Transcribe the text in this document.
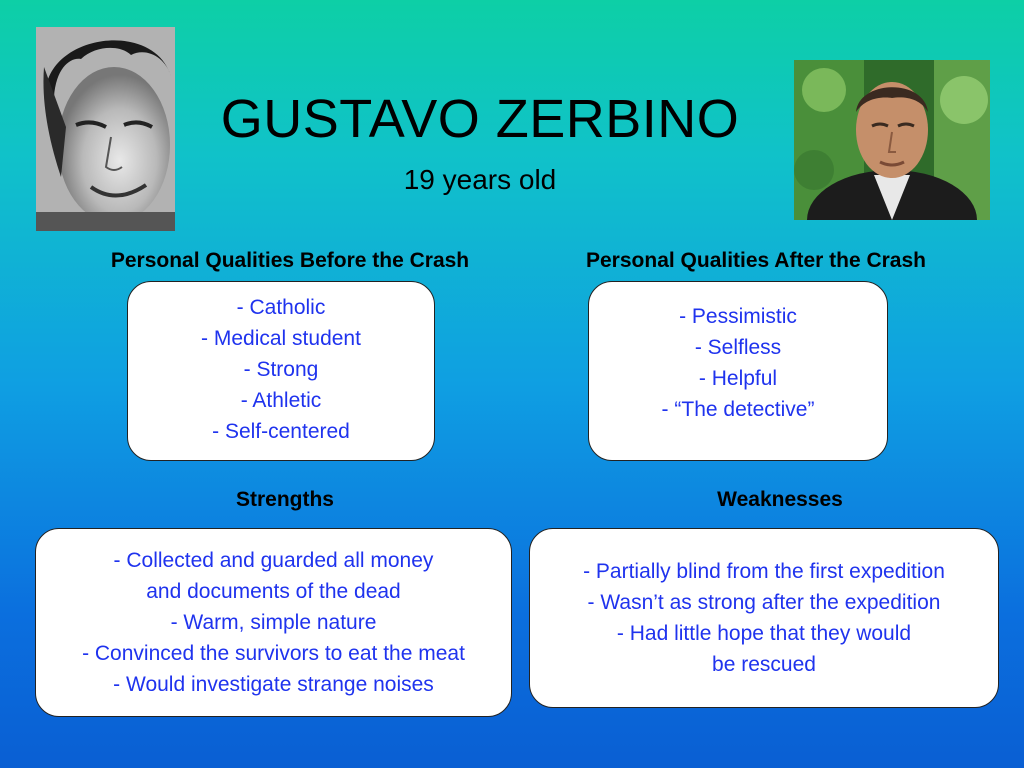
GUSTAVO ZERBINO
19 years old
Personal Qualities Before the Crash	Personal Qualities After the Crash
- Catholic
- Medical student
- Strong
- Athletic
- Self-centered
- Pessimistic
- Selfless
- Helpful
- “The detective”
Strengths	Weaknesses
- Collected and guarded all money
and documents of the dead
- Warm, simple nature
- Convinced the survivors to eat the meat
- Would investigate strange noises
- Partially blind from the first expedition
- Wasn’t as strong after the expedition
- Had little hope that they would
be rescued
